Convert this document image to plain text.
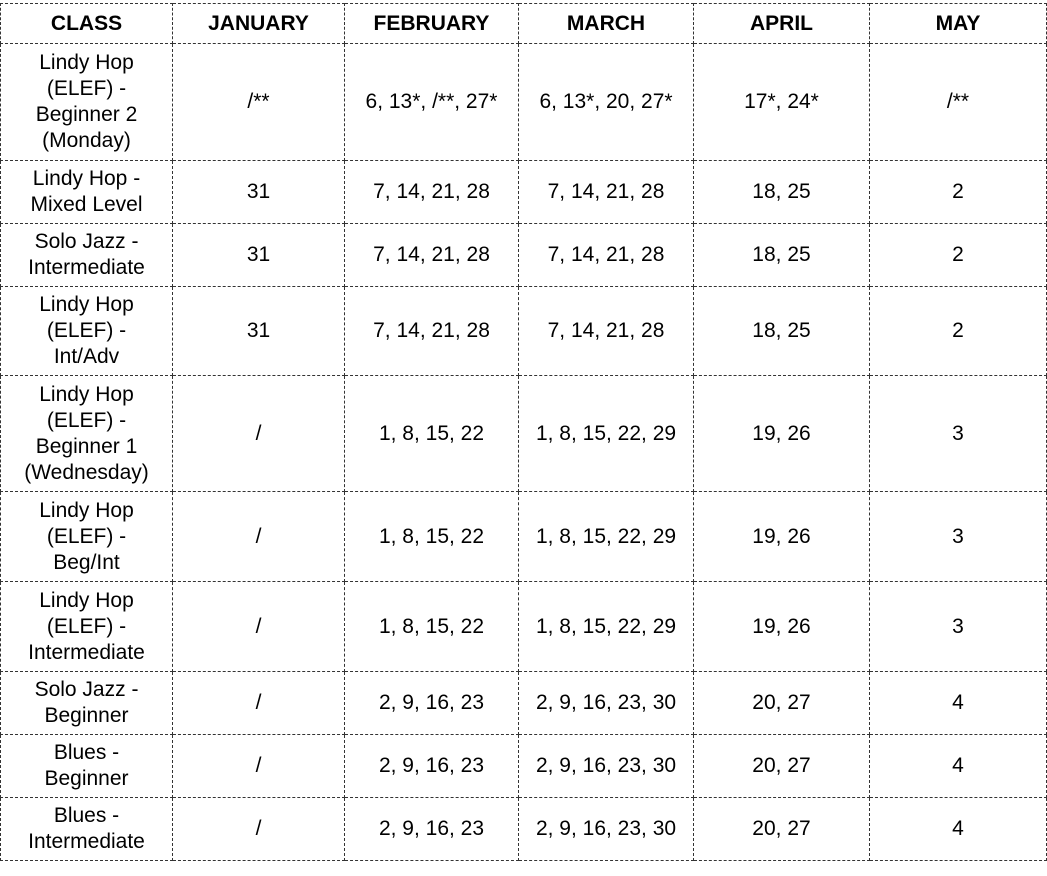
CLASS	JANUARY	FEBRUARY	MARCH	APRIL	MAY

Lindy Hop
(ELEF) -
Beginner 2
(Monday)	/**	6, 13*, /**, 27*	6, 13*, 20, 27*	17*, 24*	/**

Lindy Hop -
Mixed Level	31	7, 14, 21, 28	7, 14, 21, 28	18, 25	2

Solo Jazz -
Intermediate	31	7, 14, 21, 28	7, 14, 21, 28	18, 25	2

Lindy Hop
(ELEF) -
Int/Adv	31	7, 14, 21, 28	7, 14, 21, 28	18, 25	2

Lindy Hop
(ELEF) -
Beginner 1
(Wednesday)	/	1, 8, 15, 22	1, 8, 15, 22, 29	19, 26	3

Lindy Hop
(ELEF) -
Beg/Int	/	1, 8, 15, 22	1, 8, 15, 22, 29	19, 26	3

Lindy Hop
(ELEF) -
Intermediate	/	1, 8, 15, 22	1, 8, 15, 22, 29	19, 26	3

Solo Jazz -
Beginner	/	2, 9, 16, 23	2, 9, 16, 23, 30	20, 27	4

Blues -
Beginner	/	2, 9, 16, 23	2, 9, 16, 23, 30	20, 27	4

Blues -
Intermediate	/	2, 9, 16, 23	2, 9, 16, 23, 30	20, 27	4
